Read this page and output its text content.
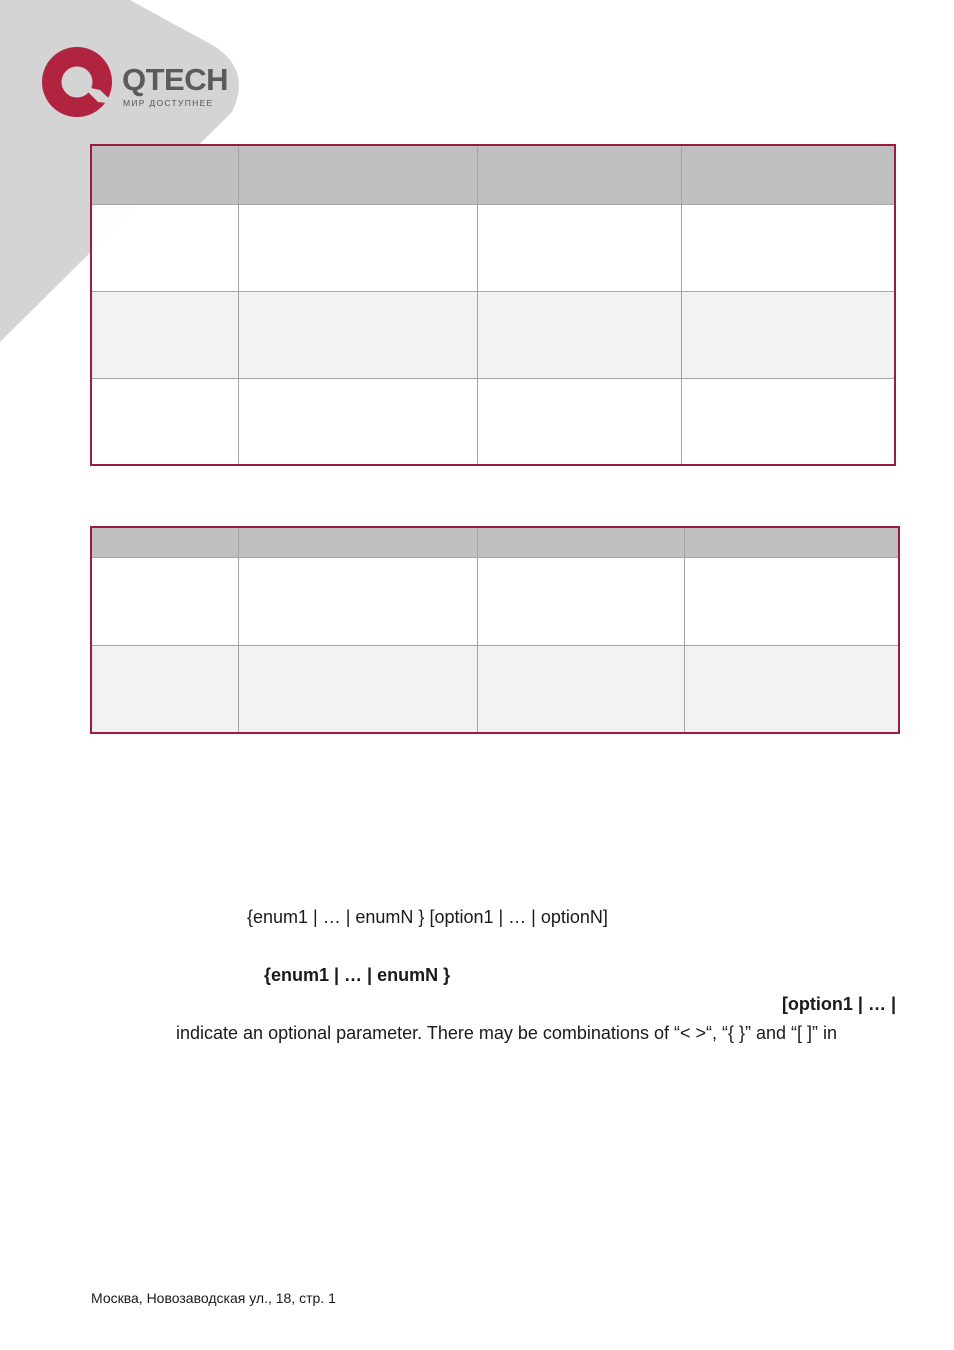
QTECH
МИР ДОСТУПНЕЕ

{enum1 | … | enumN } [option1 | … | optionN]
{enum1 | … | enumN }
[option1 | … |
indicate an optional parameter. There may be combinations of “< >“, “{ }” and “[ ]” in
Москва, Новозаводская ул., 18, стр. 1
